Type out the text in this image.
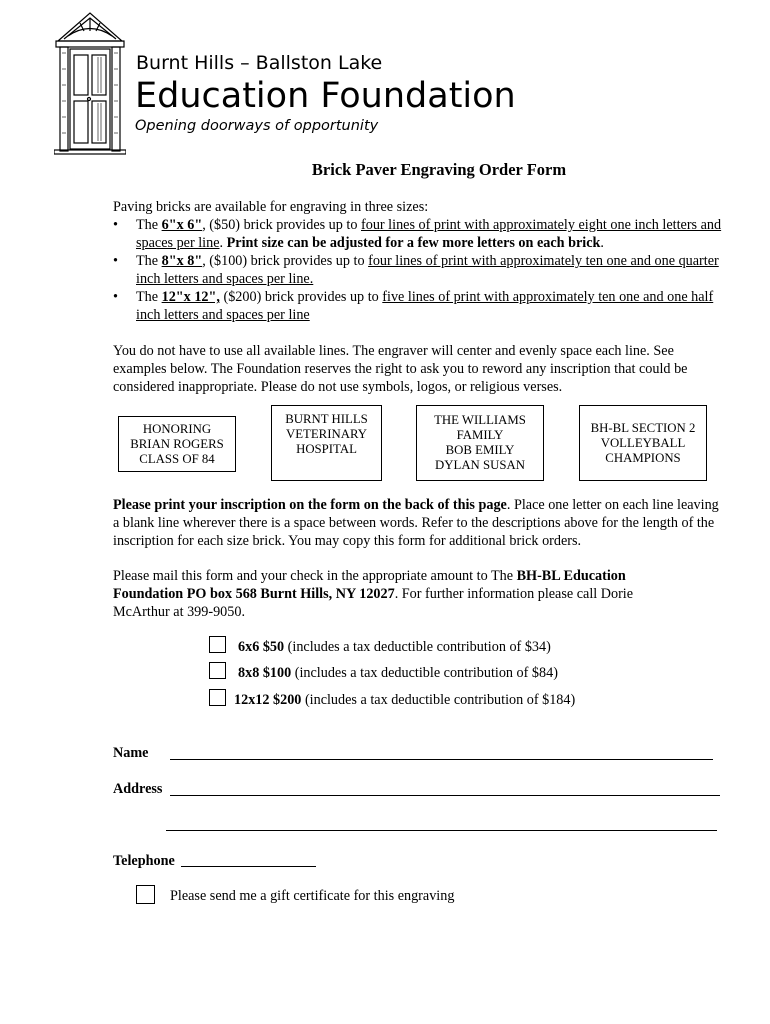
Burnt Hills – Ballston Lake
Education Foundation
Opening doorways of opportunity
Brick Paver Engraving Order Form
Paving bricks are available for engraving in three sizes:
• The 6"x 6", ($50) brick provides up to four lines of print with approximately eight one inch letters and spaces per line. Print size can be adjusted for a few more letters on each brick.
• The 8"x 8", ($100) brick provides up to four lines of print with approximately ten one and one quarter inch letters and spaces per line.
• The 12"x 12", ($200) brick provides up to five lines of print with approximately ten one and one half inch letters and spaces per line
You do not have to use all available lines. The engraver will center and evenly space each line. See examples below. The Foundation reserves the right to ask you to reword any inscription that could be considered inappropriate. Please do not use symbols, logos, or religious verses.
HONORING
BRIAN ROGERS
CLASS OF 84
BURNT HILLS
VETERINARY
HOSPITAL
THE WILLIAMS
FAMILY
BOB EMILY
DYLAN SUSAN
BH-BL SECTION 2
VOLLEYBALL
CHAMPIONS
Please print your inscription on the form on the back of this page. Place one letter on each line leaving a blank line wherever there is a space between words. Refer to the descriptions above for the length of the inscription for each size brick. You may copy this form for additional brick orders.
Please mail this form and your check in the appropriate amount to The BH-BL Education Foundation PO box 568 Burnt Hills, NY 12027. For further information please call Dorie McArthur at 399-9050.
6x6 $50 (includes a tax deductible contribution of $34)
8x8 $100 (includes a tax deductible contribution of $84)
12x12 $200 (includes a tax deductible contribution of $184)
Name
Address
Telephone
Please send me a gift certificate for this engraving
